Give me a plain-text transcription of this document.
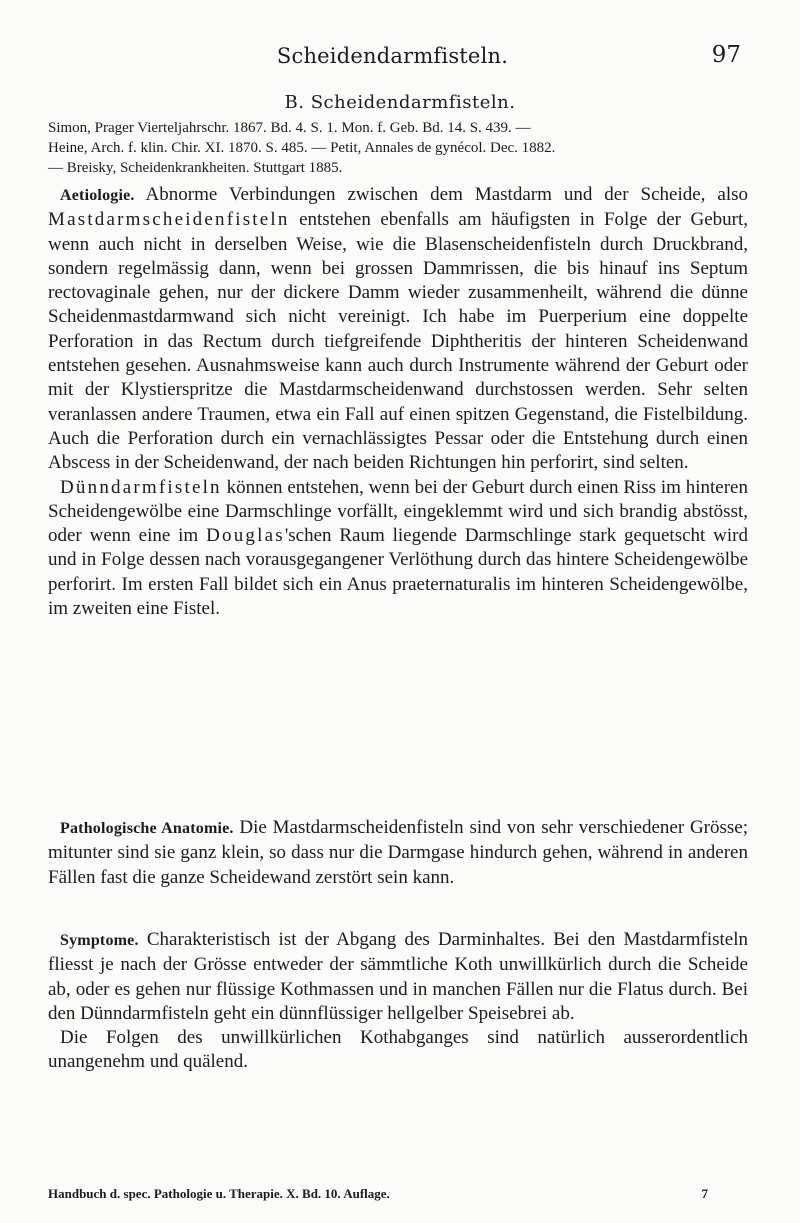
Scheidendarmfisteln.	97
B. Scheidendarmfisteln.
Simon, Prager Vierteljahrschr. 1867. Bd. 4. S. 1. Mon. f. Geb. Bd. 14. S. 439. —
Heine, Arch. f. klin. Chir. XI. 1870. S. 485. — Petit, Annales de gynécol. Dec. 1882.
— Breisky, Scheidenkrankheiten. Stuttgart 1885.

Aetiologie. Abnorme Verbindungen zwischen dem Mastdarm und der Scheide, also Mastdarmscheidenfisteln entstehen ebenfalls am häufigsten in Folge der Geburt, wenn auch nicht in derselben Weise, wie die Blasenscheidenfisteln durch Druckbrand, sondern regelmässig dann, wenn bei grossen Dammrissen, die bis hinauf ins Septum rectovaginale gehen, nur der dickere Damm wieder zusammenheilt, während die dünne Scheidenmastdarmwand sich nicht vereinigt. Ich habe im Puerperium eine doppelte Perforation in das Rectum durch tiefgreifende Diphtheritis der hinteren Scheidenwand entstehen gesehen. Ausnahmsweise kann auch durch Instrumente während der Geburt oder mit der Klystierspritze die Mastdarmscheidenwand durchstossen werden. Sehr selten veranlassen andere Traumen, etwa ein Fall auf einen spitzen Gegenstand, die Fistelbildung. Auch die Perforation durch ein vernachlässigtes Pessar oder die Entstehung durch einen Abscess in der Scheidenwand, der nach beiden Richtungen hin perforirt, sind selten.

Dünndarmfisteln können entstehen, wenn bei der Geburt durch einen Riss im hinteren Scheidengewölbe eine Darmschlinge vorfällt, eingeklemmt wird und sich brandig abstösst, oder wenn eine im Douglas'schen Raum liegende Darmschlinge stark gequetscht wird und in Folge dessen nach vorausgegangener Verlöthung durch das hintere Scheidengewölbe perforirt. Im ersten Fall bildet sich ein Anus praeternaturalis im hinteren Scheidengewölbe, im zweiten eine Fistel.

Pathologische Anatomie. Die Mastdarmscheidenfisteln sind von sehr verschiedener Grösse; mitunter sind sie ganz klein, so dass nur die Darmgase hindurch gehen, während in anderen Fällen fast die ganze Scheidewand zerstört sein kann.

Symptome. Charakteristisch ist der Abgang des Darminhaltes. Bei den Mastdarmfisteln fliesst je nach der Grösse entweder der sämmtliche Koth unwillkürlich durch die Scheide ab, oder es gehen nur flüssige Kothmassen und in manchen Fällen nur die Flatus durch. Bei den Dünndarmfisteln geht ein dünnflüssiger hellgelber Speisebrei ab.

Die Folgen des unwillkürlichen Kothabganges sind natürlich ausserordentlich unangenehm und quälend.

Handbuch d. spec. Pathologie u. Therapie. X. Bd. 10. Auflage.	7
